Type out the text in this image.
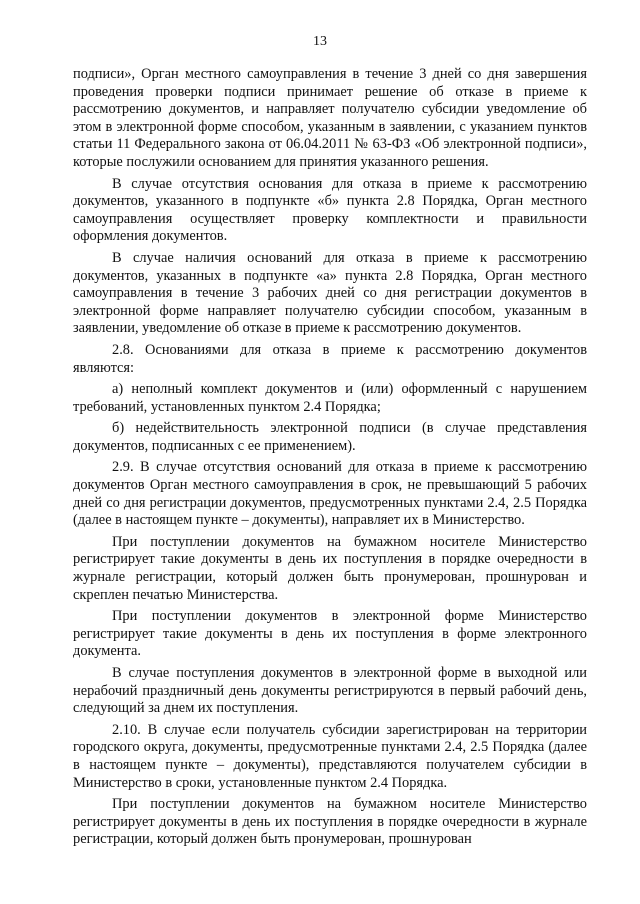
13

подписи», Орган местного самоуправления в течение 3 дней со дня завершения проведения проверки подписи принимает решение об отказе в приеме к рассмотрению документов, и направляет получателю субсидии уведомление об этом в электронной форме способом, указанным в заявлении, с указанием пунктов статьи 11 Федерального закона от 06.04.2011 № 63-ФЗ «Об электронной подписи», которые послужили основанием для принятия указанного решения.

В случае отсутствия основания для отказа в приеме к рассмотрению документов, указанного в подпункте «б» пункта 2.8 Порядка, Орган местного самоуправления осуществляет проверку комплектности и правильности оформления документов.

В случае наличия оснований для отказа в приеме к рассмотрению документов, указанных в подпункте «а» пункта 2.8 Порядка, Орган местного самоуправления в течение 3 рабочих дней со дня регистрации документов в электронной форме направляет получателю субсидии способом, указанным в заявлении, уведомление об отказе в приеме к рассмотрению документов.

2.8. Основаниями для отказа в приеме к рассмотрению документов являются:

а) неполный комплект документов и (или) оформленный с нарушением требований, установленных пунктом 2.4 Порядка;

б) недействительность электронной подписи (в случае представления документов, подписанных с ее применением).

2.9. В случае отсутствия оснований для отказа в приеме к рассмотрению документов Орган местного самоуправления в срок, не превышающий 5 рабочих дней со дня регистрации документов, предусмотренных пунктами 2.4, 2.5 Порядка (далее в настоящем пункте – документы), направляет их в Министерство.

При поступлении документов на бумажном носителе Министерство регистрирует такие документы в день их поступления в порядке очередности в журнале регистрации, который должен быть пронумерован, прошнурован и скреплен печатью Министерства.

При поступлении документов в электронной форме Министерство регистрирует такие документы в день их поступления в форме электронного документа.

В случае поступления документов в электронной форме в выходной или нерабочий праздничный день документы регистрируются в первый рабочий день, следующий за днем их поступления.

2.10. В случае если получатель субсидии зарегистрирован на территории городского округа, документы, предусмотренные пунктами 2.4, 2.5 Порядка (далее в настоящем пункте – документы), представляются получателем субсидии в Министерство в сроки, установленные пунктом 2.4 Порядка.

При поступлении документов на бумажном носителе Министерство регистрирует документы в день их поступления в порядке очередности в журнале регистрации, который должен быть пронумерован, прошнурован
